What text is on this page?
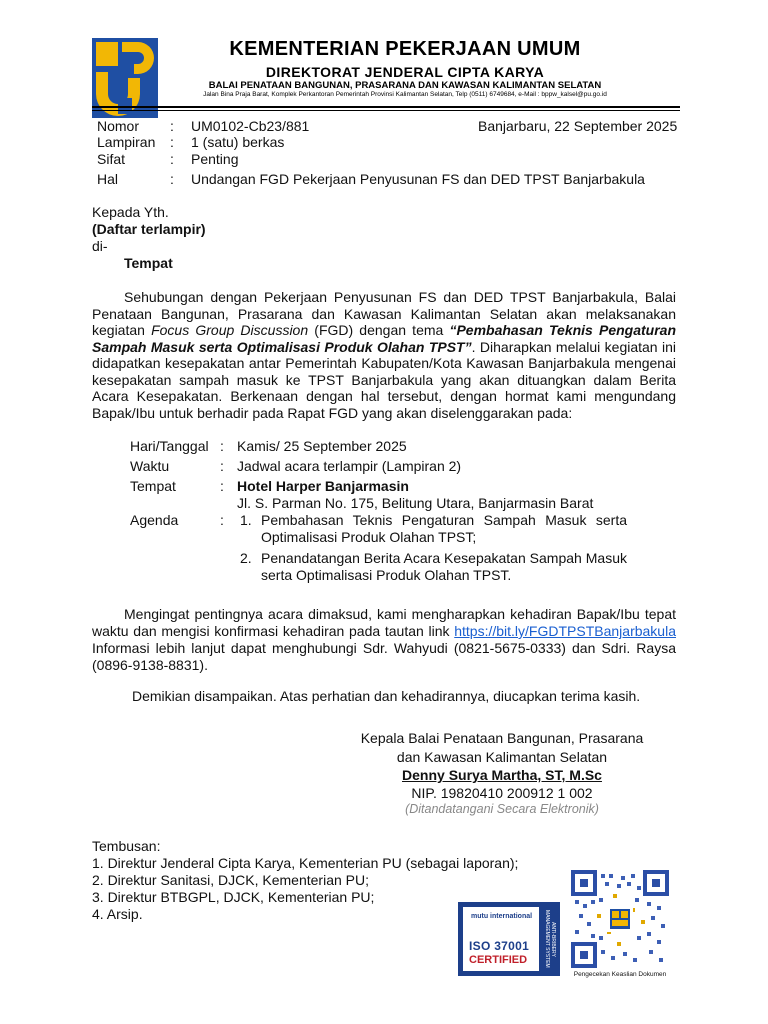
KEMENTERIAN PEKERJAAN UMUM
DIREKTORAT JENDERAL CIPTA KARYA
BALAI PENATAAN BANGUNAN, PRASARANA DAN KAWASAN KALIMANTAN SELATAN
Jalan Bina Praja Barat, Komplek Perkantoran Pemerintah Provinsi Kalimantan Selatan, Telp (0511) 6749684, e-Mail : bppw_kalsel@pu.go.id
Nomor : UM0102-Cb23/881	Banjarbaru, 22 September 2025
Lampiran : 1 (satu) berkas
Sifat	: Penting
Hal	: Undangan FGD Pekerjaan Penyusunan FS dan DED TPST Banjarbakula
Kepada Yth.
(Daftar terlampir)
di-
Tempat
Sehubungan dengan Pekerjaan Penyusunan FS dan DED TPST Banjarbakula, Balai Penataan Bangunan, Prasarana dan Kawasan Kalimantan Selatan akan melaksanakan kegiatan Focus Group Discussion (FGD) dengan tema “Pembahasan Teknis Pengaturan Sampah Masuk serta Optimalisasi Produk Olahan TPST”. Diharapkan melalui kegiatan ini didapatkan kesepakatan antar Pemerintah Kabupaten/Kota Kawasan Banjarbakula mengenai kesepakatan sampah masuk ke TPST Banjarbakula yang akan dituangkan dalam Berita Acara Kesepakatan. Berkenaan dengan hal tersebut, dengan hormat kami mengundang Bapak/Ibu untuk berhadir pada Rapat FGD yang akan diselenggarakan pada:
Hari/Tanggal : Kamis/ 25 September 2025
Waktu	: Jadwal acara terlampir (Lampiran 2)
Tempat	: Hotel Harper Banjarmasin
Jl. S. Parman No. 175, Belitung Utara, Banjarmasin Barat
Agenda	: 1. Pembahasan Teknis Pengaturan Sampah Masuk serta Optimalisasi Produk Olahan TPST;
2. Penandatangan Berita Acara Kesepakatan Sampah Masuk serta Optimalisasi Produk Olahan TPST.
Mengingat pentingnya acara dimaksud, kami mengharapkan kehadiran Bapak/Ibu tepat waktu dan mengisi konfirmasi kehadiran pada tautan link https://bit.ly/FGDTPSTBanjarbakula Informasi lebih lanjut dapat menghubungi Sdr. Wahyudi (0821-5675-0333) dan Sdri. Raysa (0896-9138-8831).
Demikian disampaikan. Atas perhatian dan kehadirannya, diucapkan terima kasih.
Kepala Balai Penataan Bangunan, Prasarana
dan Kawasan Kalimantan Selatan
Denny Surya Martha, ST, M.Sc
NIP. 19820410 200912 1 002
(Ditandatangani Secara Elektronik)
Tembusan:
1. Direktur Jenderal Cipta Karya, Kementerian PU (sebagai laporan);
2. Direktur Sanitasi, DJCK, Kementerian PU;
3. Direktur BTBGPL, DJCK, Kementerian PU;
4. Arsip.	mutu international
ISO 37001
CERTIFIED
ANTI-BRIBERY MANAGEMENT SYSTEM
Pengecekan Keaslian Dokumen
